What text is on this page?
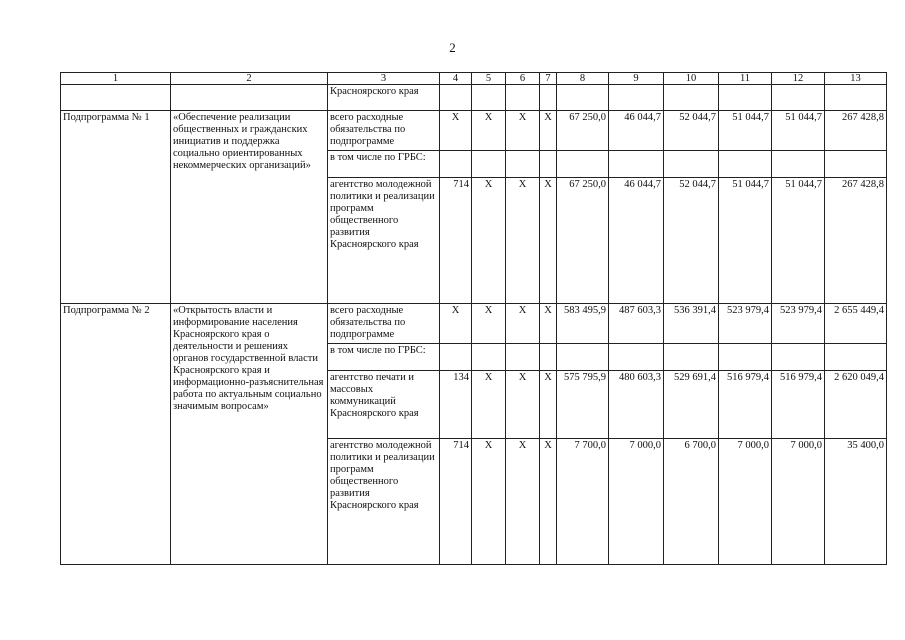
2
1	2	3	4	5	6	7	8	9	10	11	12	13
		Красноярского края										
Подпрограмма № 1	«Обеспечение реализации общественных и гражданских инициатив и поддержка социально ориентированных некоммерческих организаций»	всего расходные обязательства по подпрограмме	X	X	X	X	67 250,0	46 044,7	52 044,7	51 044,7	51 044,7	267 428,8
		в том числе по ГРБС:										
		агентство молодежной политики и реализации программ общественного развития Красноярского края	714	X	X	X	67 250,0	46 044,7	52 044,7	51 044,7	51 044,7	267 428,8
Подпрограмма № 2	«Открытость власти и информирование населения Красноярского края о деятельности и решениях органов государственной власти Красноярского края и информационно-разъяснительная работа по актуальным социально значимым вопросам»	всего расходные обязательства по подпрограмме	X	X	X	X	583 495,9	487 603,3	536 391,4	523 979,4	523 979,4	2 655 449,4
		в том числе по ГРБС:										
		агентство печати и массовых коммуникаций Красноярского края	134	X	X	X	575 795,9	480 603,3	529 691,4	516 979,4	516 979,4	2 620 049,4
		агентство молодежной политики и реализации программ общественного развития Красноярского края	714	X	X	X	7 700,0	7 000,0	6 700,0	7 000,0	7 000,0	35 400,0
